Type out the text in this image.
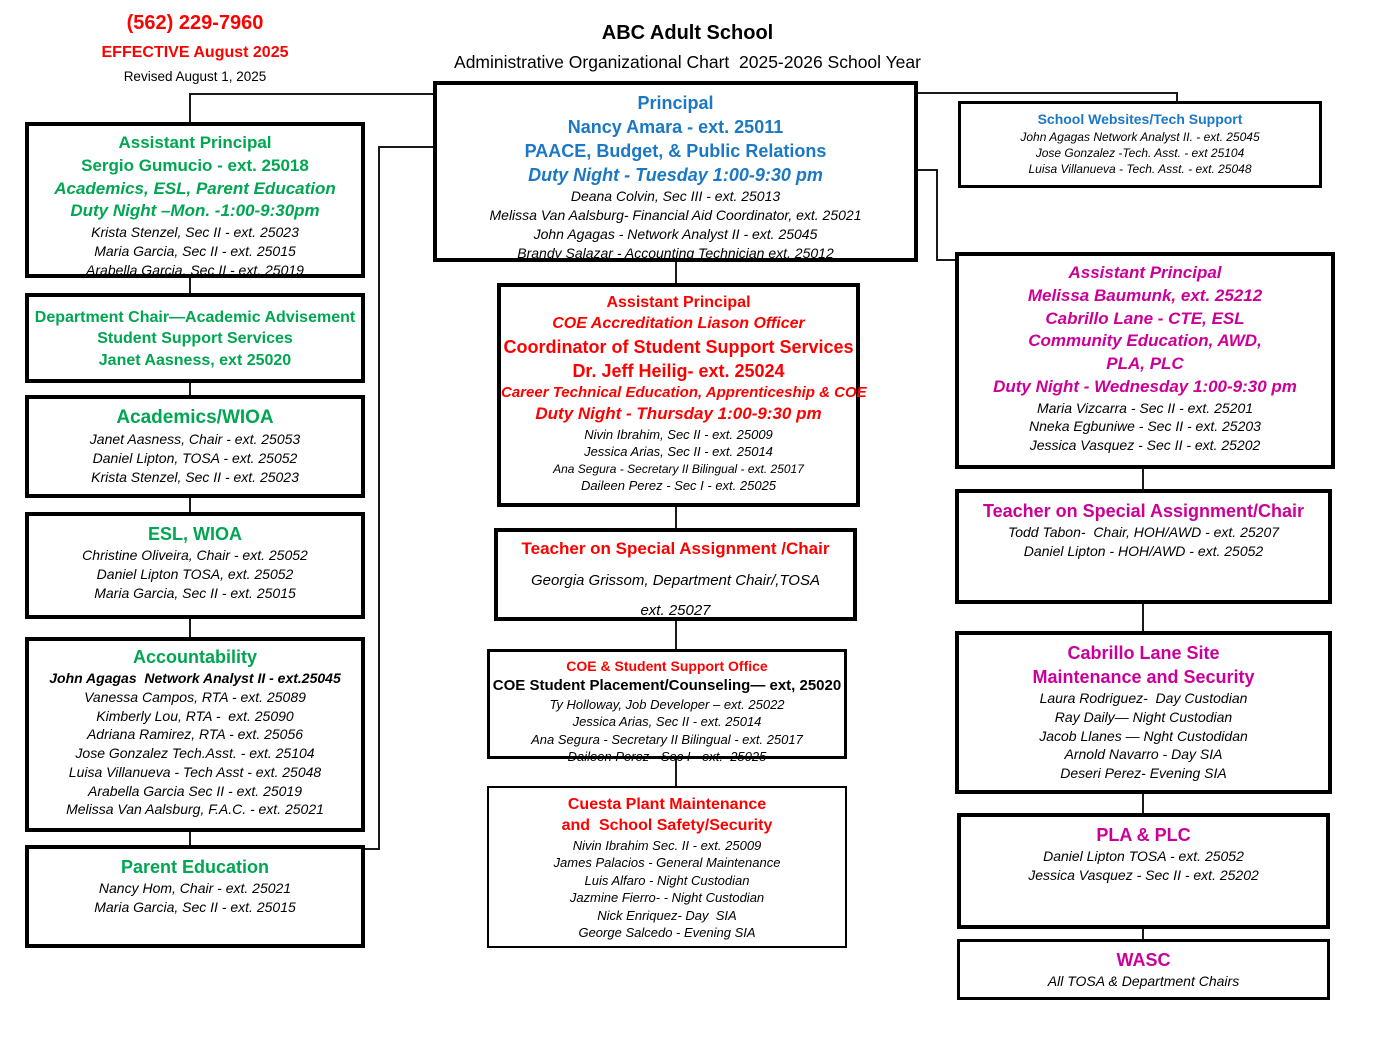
(562) 229-7960
EFFECTIVE August 2025
Revised August 1, 2025
ABC Adult School
Administrative Organizational Chart  2025-2026 School Year
Assistant Principal
Sergio Gumucio - ext. 25018
Academics, ESL, Parent Education
Duty Night –Mon. -1:00-9:30pm
Krista Stenzel, Sec II - ext. 25023
Maria Garcia, Sec II - ext. 25015
Arabella Garcia, Sec II - ext. 25019
Department Chair—Academic Advisement
Student Support Services
Janet Aasness, ext 25020
Academics/WIOA
Janet Aasness, Chair - ext. 25053
Daniel Lipton, TOSA - ext. 25052
Krista Stenzel, Sec II - ext. 25023
ESL, WIOA
Christine Oliveira, Chair - ext. 25052
Daniel Lipton TOSA, ext. 25052
Maria Garcia, Sec II - ext. 25015
Accountability
John Agagas  Network Analyst II - ext.25045
Vanessa Campos, RTA - ext. 25089
Kimberly Lou, RTA -  ext. 25090
Adriana Ramirez, RTA - ext. 25056
Jose Gonzalez Tech.Asst. - ext. 25104
Luisa Villanueva - Tech Asst - ext. 25048
Arabella Garcia Sec II - ext. 25019
Melissa Van Aalsburg, F.A.C. - ext. 25021
Parent Education
Nancy Hom, Chair - ext. 25021
Maria Garcia, Sec II - ext. 25015
Principal
Nancy Amara - ext. 25011
PAACE, Budget, & Public Relations
Duty Night - Tuesday 1:00-9:30 pm
Deana Colvin, Sec III - ext. 25013
Melissa Van Aalsburg- Financial Aid Coordinator, ext. 25021
John Agagas - Network Analyst II - ext. 25045
Brandy Salazar - Accounting Technician ext. 25012
Assistant Principal
COE Accreditation Liason Officer
Coordinator of Student Support Services
Dr. Jeff Heilig- ext. 25024
Career Technical Education, Apprenticeship & COE
Duty Night - Thursday 1:00-9:30 pm
Nivin Ibrahim, Sec II - ext. 25009
Jessica Arias, Sec II - ext. 25014
Ana Segura - Secretary II Bilingual - ext. 25017
Daileen Perez - Sec I - ext. 25025
Teacher on Special Assignment /Chair
Georgia Grissom, Department Chair/,TOSA
ext. 25027
COE & Student Support Office
COE Student Placement/Counseling— ext, 25020
Ty Holloway, Job Developer – ext. 25022
Jessica Arias, Sec II - ext. 25014
Ana Segura - Secretary II Bilingual - ext. 25017
Daileen Perez - Sec I - ext.  25025
Cuesta Plant Maintenance
and  School Safety/Security
Nivin Ibrahim Sec. II - ext. 25009
James Palacios - General Maintenance
Luis Alfaro - Night Custodian
Jazmine Fierro- - Night Custodian
Nick Enriquez- Day  SIA
George Salcedo - Evening SIA
School Websites/Tech Support
John Agagas Network Analyst II. - ext. 25045
Jose Gonzalez -Tech. Asst. - ext 25104
Luisa Villanueva - Tech. Asst. - ext. 25048
Assistant Principal
Melissa Baumunk, ext. 25212
Cabrillo Lane - CTE, ESL
Community Education, AWD,
PLA, PLC
Duty Night - Wednesday 1:00-9:30 pm
Maria Vizcarra - Sec II - ext. 25201
Nneka Egbuniwe - Sec II - ext. 25203
Jessica Vasquez - Sec II - ext. 25202
Teacher on Special Assignment/Chair
Todd Tabon-  Chair, HOH/AWD - ext. 25207
Daniel Lipton - HOH/AWD - ext. 25052
Cabrillo Lane Site
Maintenance and Security
Laura Rodriguez-  Day Custodian
Ray Daily— Night Custodian
Jacob Llanes — Nght Custodidan
Arnold Navarro - Day SIA
Deseri Perez- Evening SIA
PLA & PLC
Daniel Lipton TOSA - ext. 25052
Jessica Vasquez - Sec II - ext. 25202
WASC
All TOSA & Department Chairs
